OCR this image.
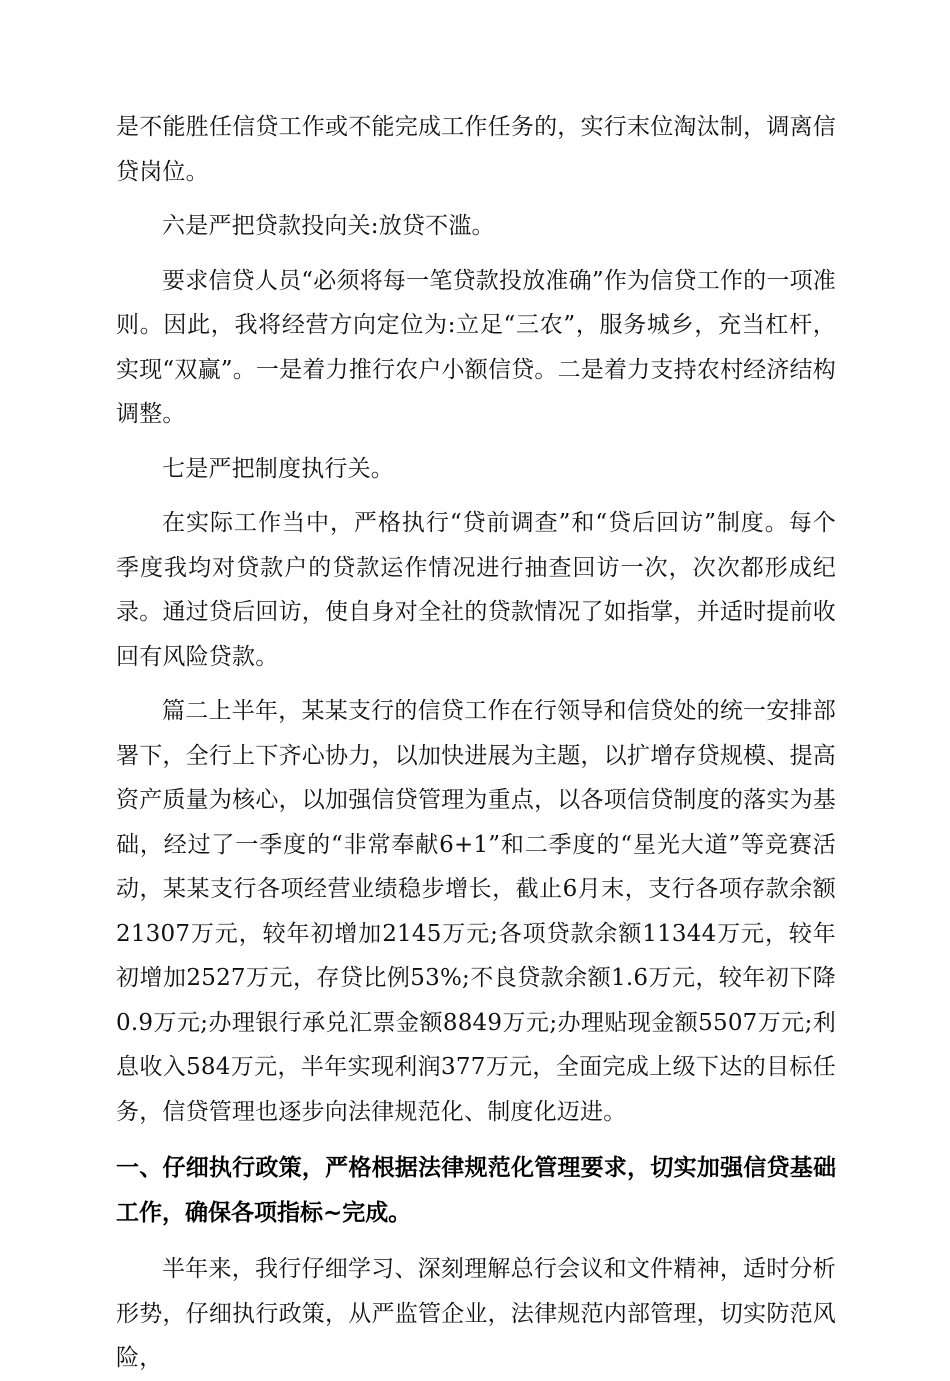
是不能胜任信贷工作或不能完成工作任务的，实行末位淘汰制，调离信贷岗位。

六是严把贷款投向关:放贷不滥。

要求信贷人员“必须将每一笔贷款投放准确”作为信贷工作的一项准则。因此，我将经营方向定位为:立足“三农”，服务城乡，充当杠杆，实现“双赢”。一是着力推行农户小额信贷。二是着力支持农村经济结构调整。

七是严把制度执行关。

在实际工作当中，严格执行“贷前调查”和“贷后回访”制度。每个季度我均对贷款户的贷款运作情况进行抽查回访一次，次次都形成纪录。通过贷后回访，使自身对全社的贷款情况了如指掌，并适时提前收回有风险贷款。

篇二上半年，某某支行的信贷工作在行领导和信贷处的统一安排部署下，全行上下齐心协力，以加快进展为主题，以扩增存贷规模、提高资产质量为核心，以加强信贷管理为重点，以各项信贷制度的落实为基础，经过了一季度的“非常奉献6+1”和二季度的“星光大道”等竞赛活动，某某支行各项经营业绩稳步增长，截止6月末，支行各项存款余额21307万元，较年初增加2145万元;各项贷款余额11344万元，较年初增加2527万元，存贷比例53%;不良贷款余额1.6万元，较年初下降0.9万元;办理银行承兑汇票金额8849万元;办理贴现金额5507万元;利息收入584万元，半年实现利润377万元，全面完成上级下达的目标任务，信贷管理也逐步向法律规范化、制度化迈进。

一、仔细执行政策，严格根据法律规范化管理要求，切实加强信贷基础工作，确保各项指标~完成。

半年来，我行仔细学习、深刻理解总行会议和文件精神，适时分析形势，仔细执行政策，从严监管企业，法律规范内部管理，切实防范风险，
